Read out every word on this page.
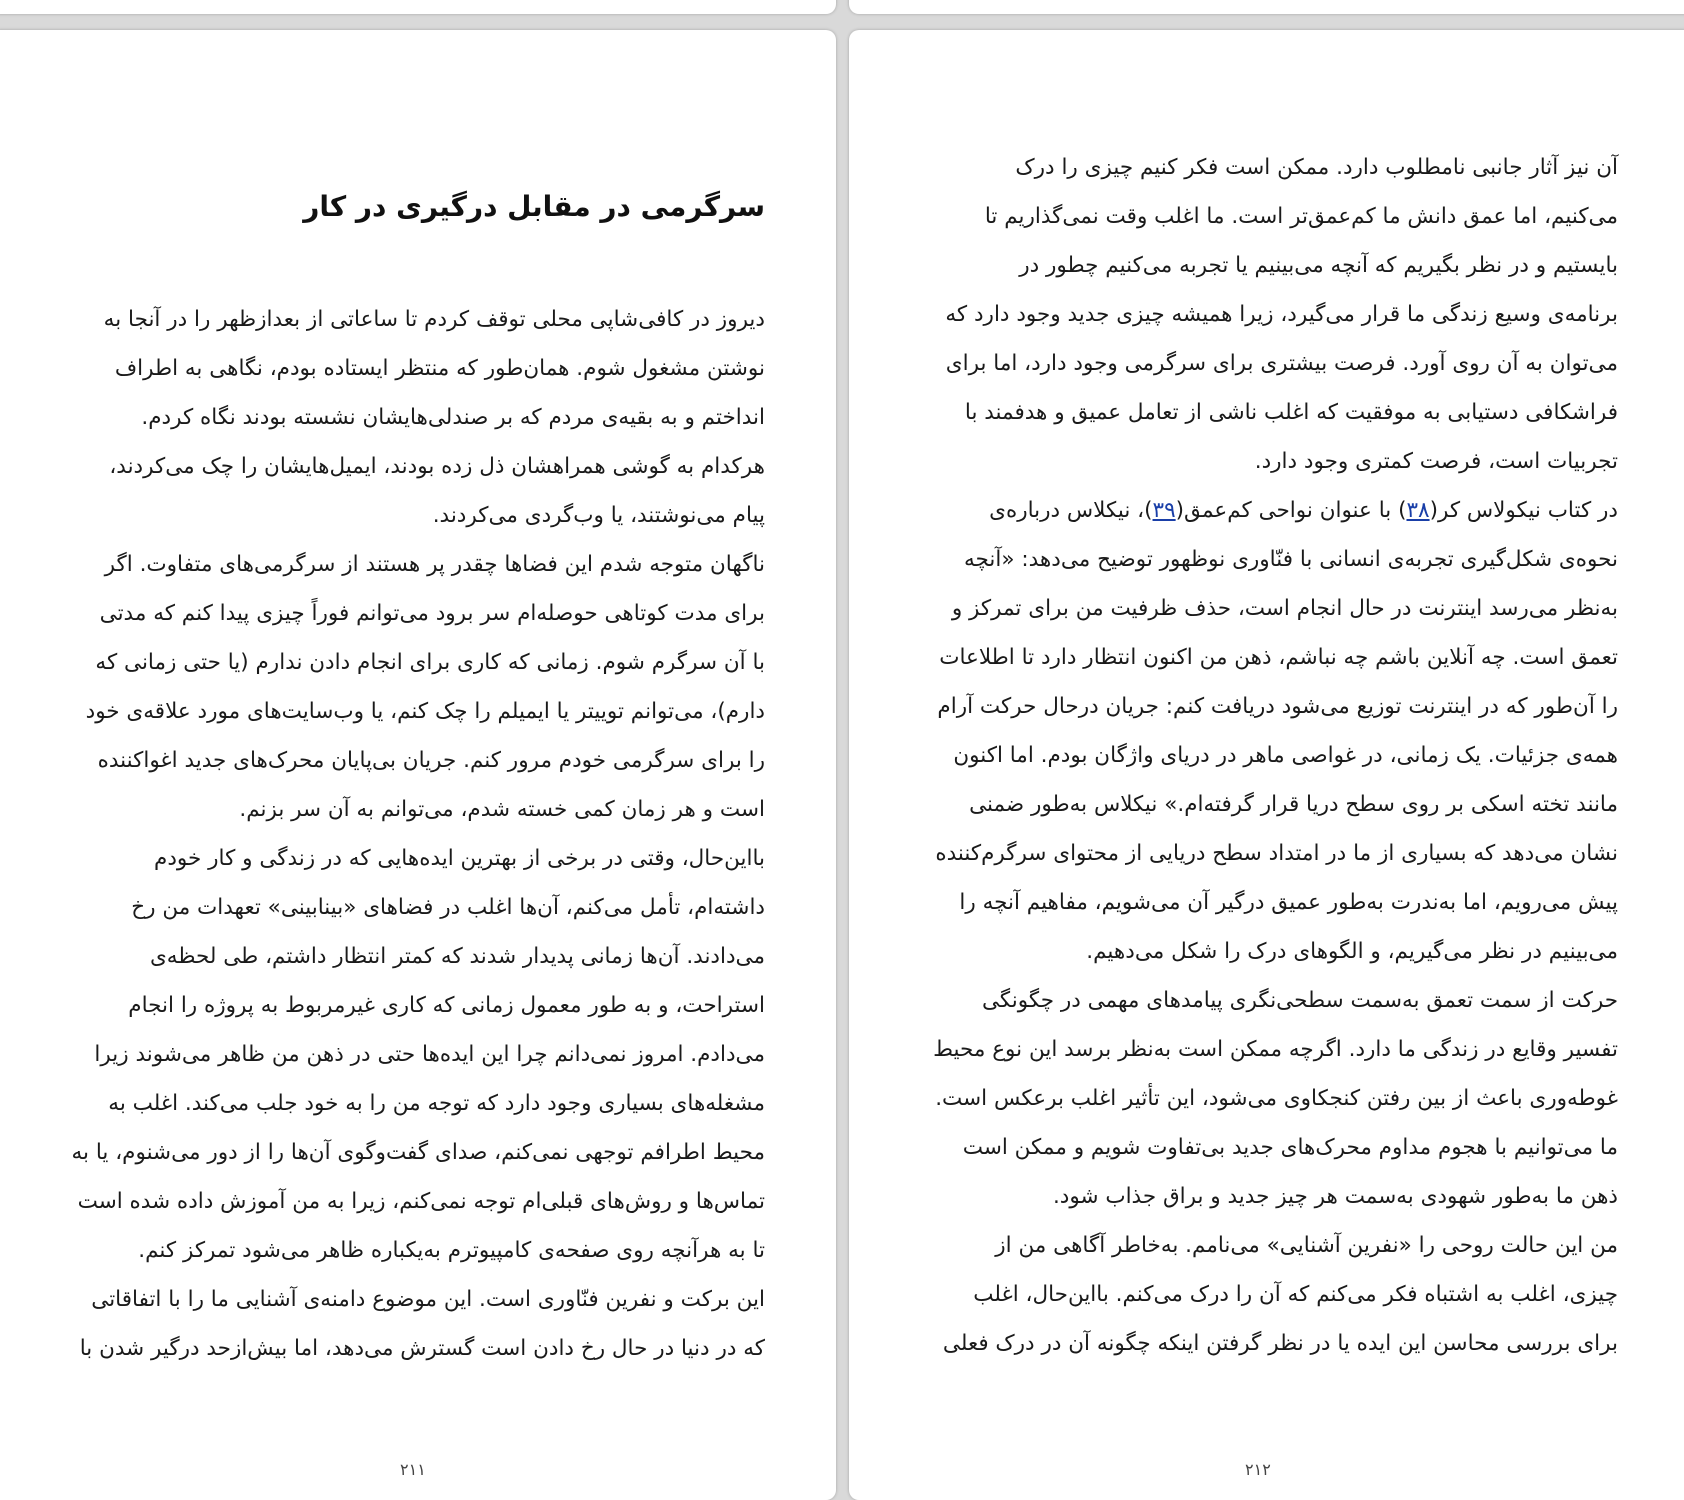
سرگرمی در مقابل درگیری در کار
دیروز در کافی‌شاپی محلی توقف کردم تا ساعاتی از بعدازظهر را در آنجا به
نوشتن مشغول شوم. همان‌طور که منتظر ایستاده بودم، نگاهی به اطراف
انداختم و به بقیه‌ی مردم که بر صندلی‌هایشان نشسته بودند نگاه کردم.
هرکدام به گوشی همراهشان ذل زده بودند، ایمیل‌هایشان را چک می‌کردند،
پیام می‌نوشتند، یا وب‌گردی می‌کردند.
ناگهان متوجه شدم این فضاها چقدر پر هستند از سرگرمی‌های متفاوت. اگر
برای مدت کوتاهی حوصله‌ام سر برود می‌توانم فوراً چیزی پیدا کنم که مدتی
با آن سرگرم شوم. زمانی که کاری برای انجام دادن ندارم (یا حتی زمانی که
دارم)، می‌توانم توییتر یا ایمیلم را چک کنم، یا وب‌سایت‌های مورد علاقه‌ی خود
را برای سرگرمی خودم مرور کنم. جریان بی‌پایان محرک‌های جدید اغواکننده
است و هر زمان کمی خسته شدم، می‌توانم به آن سر بزنم.
بااین‌حال، وقتی در برخی از بهترین ایده‌هایی که در زندگی و کار خودم
داشته‌ام، تأمل می‌کنم، آن‌ها اغلب در فضاهای «بینابینی» تعهدات من رخ
می‌دادند. آن‌ها زمانی پدیدار شدند که کمتر انتظار داشتم، طی لحظه‌ی
استراحت، و به طور معمول زمانی که کاری غیرمربوط به پروژه را انجام
می‌دادم. امروز نمی‌دانم چرا این ایده‌ها حتی در ذهن من ظاهر می‌شوند زیرا
مشغله‌های بسیاری وجود دارد که توجه من را به خود جلب می‌کند. اغلب به
محیط اطرافم توجهی نمی‌کنم، صدای گفت‌وگوی آن‌ها را از دور می‌شنوم، یا به
تماس‌ها و روش‌های قبلی‌ام توجه نمی‌کنم، زیرا به من آموزش داده شده است
تا به هرآنچه روی صفحه‌ی کامپیوترم به‌یکباره ظاهر می‌شود تمرکز کنم.
این برکت و نفرین فنّاوری است. این موضوع دامنه‌ی آشنایی ما را با اتفاقاتی
که در دنیا در حال رخ دادن است گسترش می‌دهد، اما بیش‌ازحد درگیر شدن با
آن نیز آثار جانبی نامطلوب دارد. ممکن است فکر کنیم چیزی را درک
می‌کنیم، اما عمق دانش ما کم‌عمق‌تر است. ما اغلب وقت نمی‌گذاریم تا
بایستیم و در نظر بگیریم که آنچه می‌بینیم یا تجربه می‌کنیم چطور در
برنامه‌ی وسیع زندگی ما قرار می‌گیرد، زیرا همیشه چیزی جدید وجود دارد که
می‌توان به آن روی آورد. فرصت بیشتری برای سرگرمی وجود دارد، اما برای
فراشکافی دستیابی به موفقیت که اغلب ناشی از تعامل عمیق و هدفمند با
تجربیات است، فرصت کمتری وجود دارد.
در کتاب نیکولاس کر(۳۸) با عنوان نواحی کم‌عمق(۳۹)، نیکلاس درباره‌ی
نحوه‌ی شکل‌گیری تجربه‌ی انسانی با فنّاوری نوظهور توضیح می‌دهد: «آنچه
به‌نظر می‌رسد اینترنت در حال انجام است، حذف ظرفیت من برای تمرکز و
تعمق است. چه آنلاین باشم چه نباشم، ذهن من اکنون انتظار دارد تا اطلاعات
را آن‌طور که در اینترنت توزیع می‌شود دریافت کنم: جریان درحال حرکت آرام
همه‌ی جزئیات. یک زمانی، در غواصی ماهر در دریای واژگان بودم. اما اکنون
مانند تخته اسکی بر روی سطح دریا قرار گرفته‌ام.» نیکلاس به‌طور ضمنی
نشان می‌دهد که بسیاری از ما در امتداد سطح دریایی از محتوای سرگرم‌کننده
پیش می‌رویم، اما به‌ندرت به‌طور عمیق درگیر آن می‌شویم، مفاهیم آنچه را
می‌بینیم در نظر می‌گیریم، و الگوهای درک را شکل می‌دهیم.
حرکت از سمت تعمق به‌سمت سطحی‌نگری پیامدهای مهمی در چگونگی
تفسیر وقایع در زندگی ما دارد. اگرچه ممکن است به‌نظر برسد این نوع محیط
غوطه‌وری باعث از بین رفتن کنجکاوی می‌شود، این تأثیر اغلب برعکس است.
ما می‌توانیم با هجوم مداوم محرک‌های جدید بی‌تفاوت شویم و ممکن است
ذهن ما به‌طور شهودی به‌سمت هر چیز جدید و براق جذاب شود.
من این حالت روحی را «نفرین آشنایی» می‌نامم. به‌خاطر آگاهی من از
چیزی، اغلب به اشتباه فکر می‌کنم که آن را درک می‌کنم. بااین‌حال، اغلب
برای بررسی محاسن این ایده یا در نظر گرفتن اینکه چگونه آن در درک فعلی
۲۱۱	۲۱۲
